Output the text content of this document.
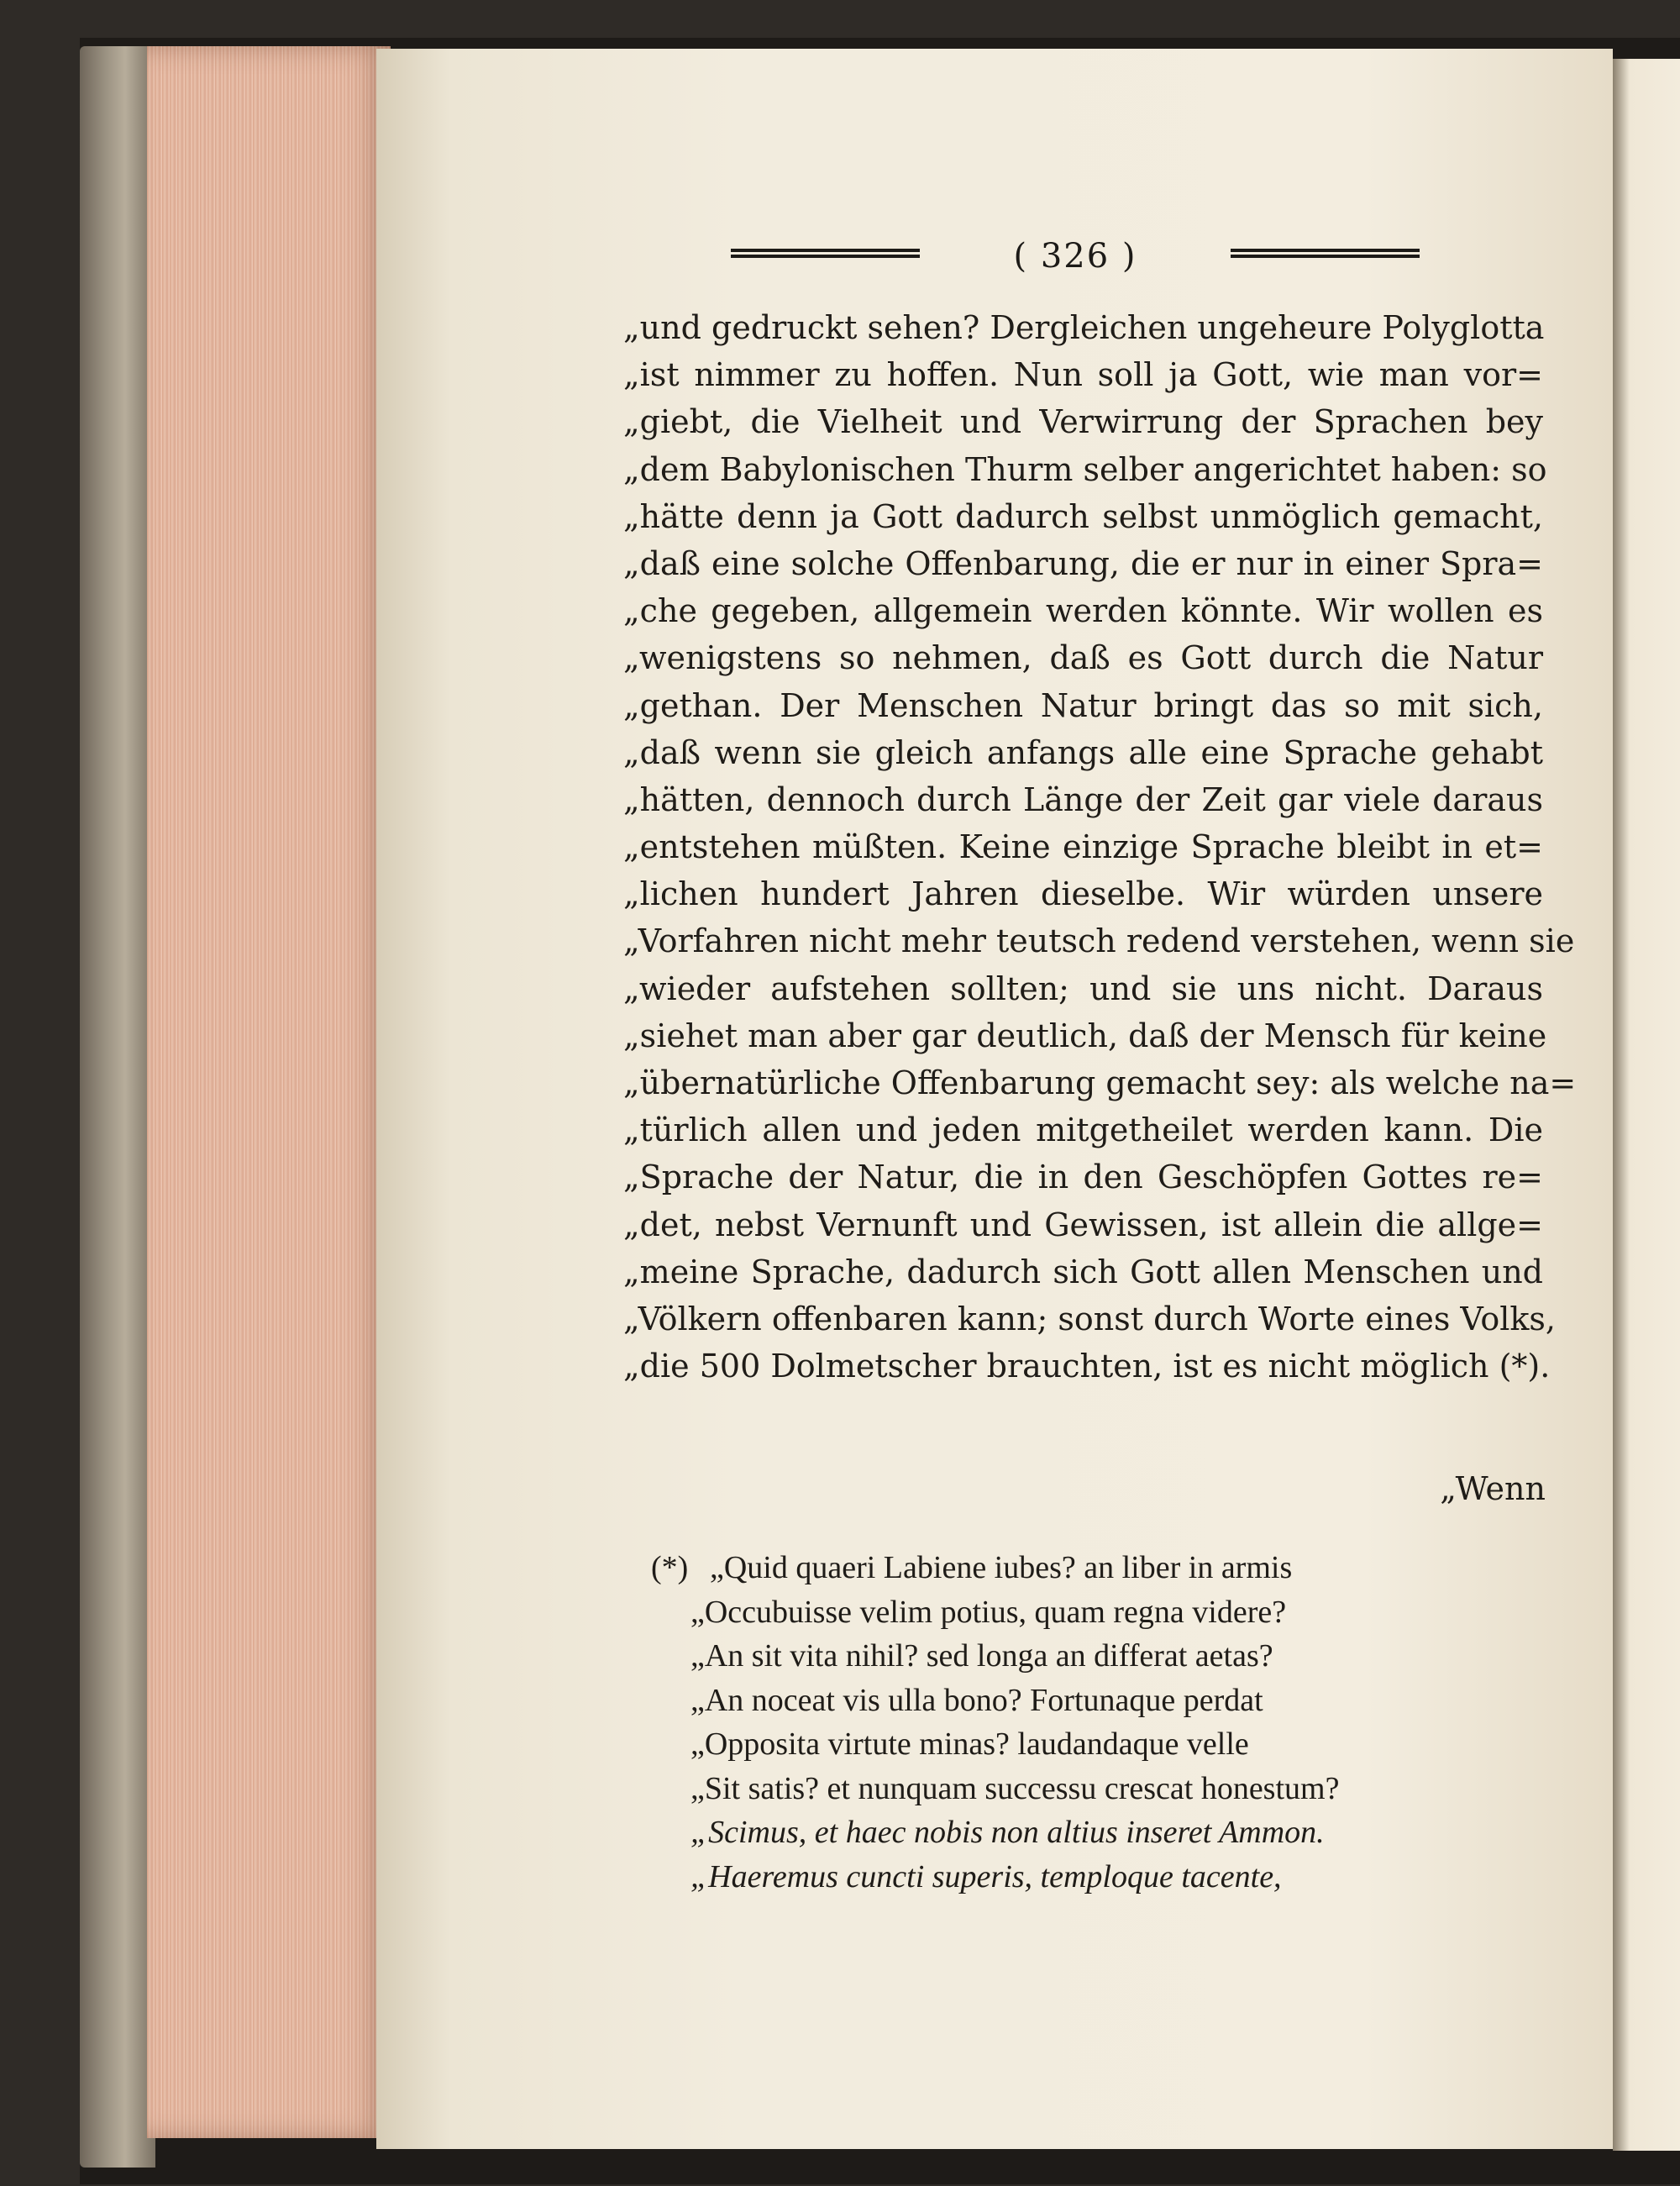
( 326 )
„und gedruckt sehen? Dergleichen ungeheure Polyglotta
„ist nimmer zu hoffen. Nun soll ja Gott, wie man vor=
„giebt, die Vielheit und Verwirrung der Sprachen bey
„dem Babylonischen Thurm selber angerichtet haben: so
„hätte denn ja Gott dadurch selbst unmöglich gemacht,
„daß eine solche Offenbarung, die er nur in einer Spra=
„che gegeben, allgemein werden könnte. Wir wollen es
„wenigstens so nehmen, daß es Gott durch die Natur
„gethan. Der Menschen Natur bringt das so mit sich,
„daß wenn sie gleich anfangs alle eine Sprache gehabt
„hätten, dennoch durch Länge der Zeit gar viele daraus
„entstehen müßten. Keine einzige Sprache bleibt in et=
„lichen hundert Jahren dieselbe. Wir würden unsere
„Vorfahren nicht mehr teutsch redend verstehen, wenn sie
„wieder aufstehen sollten; und sie uns nicht. Daraus
„siehet man aber gar deutlich, daß der Mensch für keine
„übernatürliche Offenbarung gemacht sey: als welche na=
„türlich allen und jeden mitgetheilet werden kann. Die
„Sprache der Natur, die in den Geschöpfen Gottes re=
„det, nebst Vernunft und Gewissen, ist allein die allge=
„meine Sprache, dadurch sich Gott allen Menschen und
„Völkern offenbaren kann; sonst durch Worte eines Volks,
„die 500 Dolmetscher brauchten, ist es nicht möglich (*).
„Wenn
(*) „Quid quaeri Labiene iubes? an liber in armis
„Occubuisse velim potius, quam regna videre?
„An sit vita nihil? sed longa an differat aetas?
„An noceat vis ulla bono? Fortunaque perdat
„Opposita virtute minas? laudandaque velle
„Sit satis? et nunquam successu crescat honestum?
„Scimus, et haec nobis non altius inseret Ammon.
„Haeremus cuncti superis, temploque tacente,
